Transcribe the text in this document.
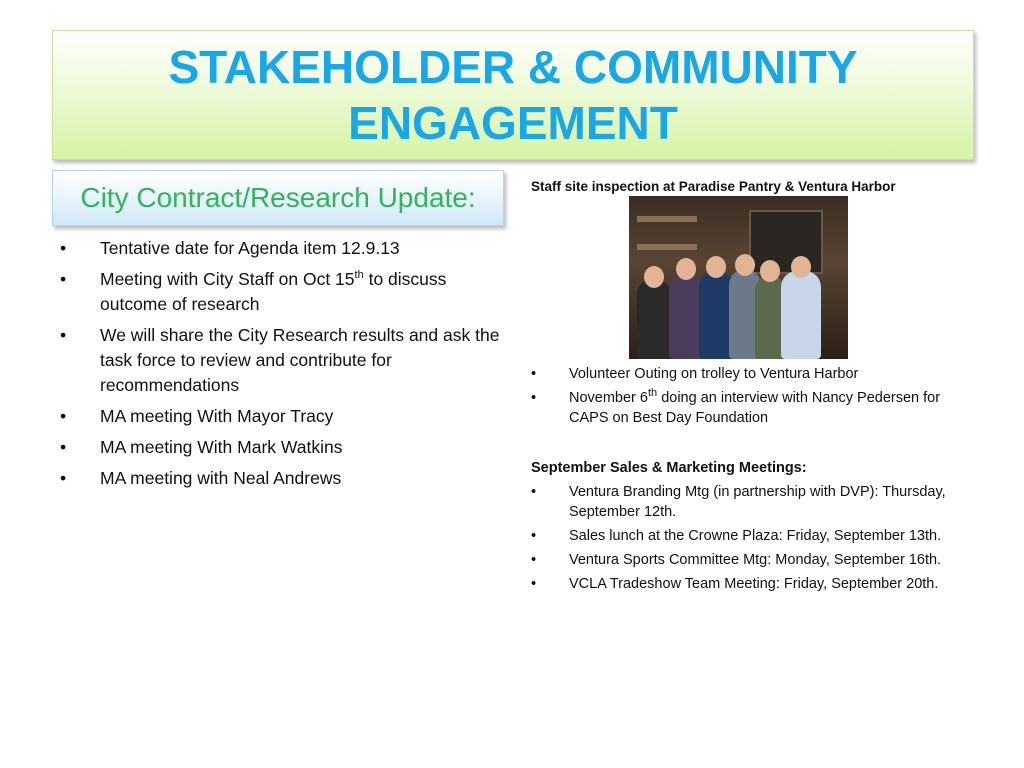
STAKEHOLDER & COMMUNITY ENGAGEMENT
City Contract/Research Update:
• Tentative date for Agenda item 12.9.13
• Meeting with City Staff on Oct 15th to discuss outcome of research
• We will share the City Research results and ask the task force to review and contribute for recommendations
• MA meeting With Mayor Tracy
• MA meeting With Mark Watkins
• MA meeting with Neal Andrews

Staff site inspection at Paradise Pantry & Ventura Harbor

• Volunteer Outing on trolley to Ventura Harbor
• November 6th doing an interview with Nancy Pedersen for CAPS on Best Day Foundation

September Sales & Marketing Meetings:

• Ventura Branding Mtg (in partnership with DVP): Thursday, September 12th.
• Sales lunch at the Crowne Plaza: Friday, September 13th.
• Ventura Sports Committee Mtg: Monday, September 16th.
• VCLA Tradeshow Team Meeting: Friday, September 20th.
